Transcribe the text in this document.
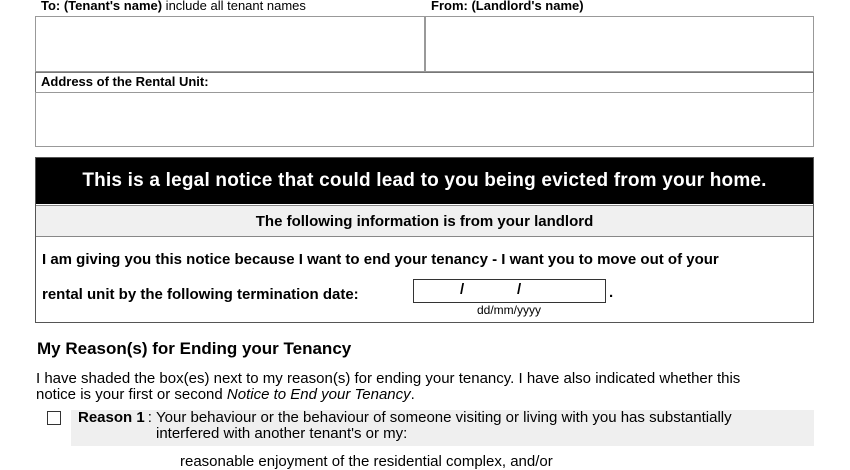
To: (Tenant's name) include all tenant names	From: (Landlord's name)
Address of the Rental Unit:
This is a legal notice that could lead to you being evicted from your home.
The following information is from your landlord
I am giving you this notice because I want to end your tenancy - I want you to move out of your
rental unit by the following termination date:	/	/	.
dd/mm/yyyy
My Reason(s) for Ending your Tenancy
I have shaded the box(es) next to my reason(s) for ending your tenancy. I have also indicated whether this
notice is your first or second Notice to End your Tenancy.
Reason 1 : Your behaviour or the behaviour of someone visiting or living with you has substantially
interfered with another tenant's or my:
reasonable enjoyment of the residential complex, and/or
